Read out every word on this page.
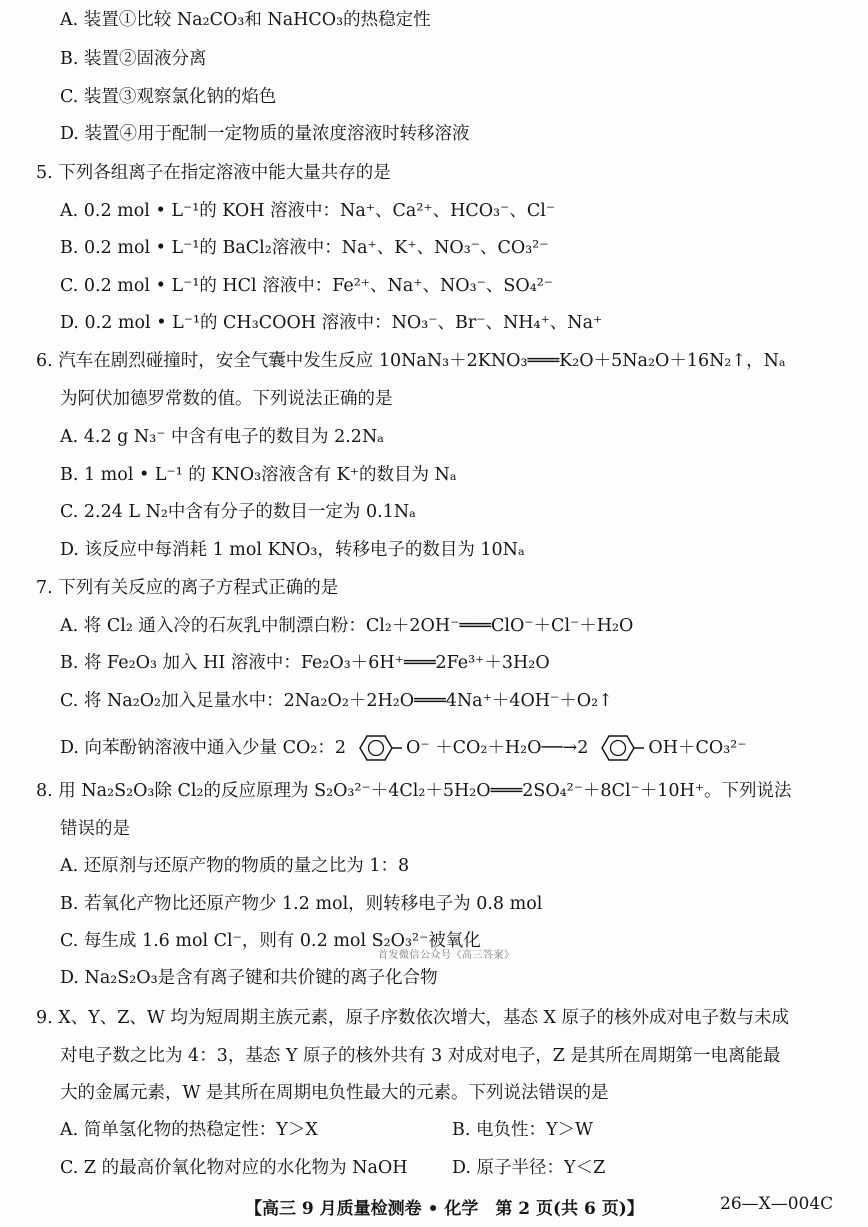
A. 装置①比较 Na₂CO₃和 NaHCO₃的热稳定性
B. 装置②固液分离
C. 装置③观察氯化钠的焰色
D. 装置④用于配制一定物质的量浓度溶液时转移溶液
5. 下列各组离子在指定溶液中能大量共存的是
A. 0.2 mol • L⁻¹的 KOH 溶液中：Na⁺、Ca²⁺、HCO₃⁻、Cl⁻
B. 0.2 mol • L⁻¹的 BaCl₂溶液中：Na⁺、K⁺、NO₃⁻、CO₃²⁻
C. 0.2 mol • L⁻¹的 HCl 溶液中：Fe²⁺、Na⁺、NO₃⁻、SO₄²⁻
D. 0.2 mol • L⁻¹的 CH₃COOH 溶液中：NO₃⁻、Br⁻、NH₄⁺、Na⁺
6. 汽车在剧烈碰撞时，安全气囊中发生反应 10NaN₃＋2KNO₃═══K₂O＋5Na₂O＋16N₂↑，Nₐ
为阿伏加德罗常数的值。下列说法正确的是
A. 4.2 g N₃⁻ 中含有电子的数目为 2.2Nₐ
B. 1 mol • L⁻¹ 的 KNO₃溶液含有 K⁺的数目为 Nₐ
C. 2.24 L N₂中含有分子的数目一定为 0.1Nₐ
D. 该反应中每消耗 1 mol KNO₃，转移电子的数目为 10Nₐ
7. 下列有关反应的离子方程式正确的是
A. 将 Cl₂ 通入冷的石灰乳中制漂白粉：Cl₂＋2OH⁻═══ClO⁻＋Cl⁻＋H₂O
B. 将 Fe₂O₃ 加入 HI 溶液中：Fe₂O₃＋6H⁺═══2Fe³⁺＋3H₂O
C. 将 Na₂O₂加入足量水中：2Na₂O₂＋2H₂O═══4Na⁺＋4OH⁻＋O₂↑
D. 向苯酚钠溶液中通入少量 CO₂：2	O⁻ ＋CO₂＋H₂O──→2	OH＋CO₃²⁻
8. 用 Na₂S₂O₃除 Cl₂的反应原理为 S₂O₃²⁻＋4Cl₂＋5H₂O═══2SO₄²⁻＋8Cl⁻＋10H⁺。下列说法
错误的是
A. 还原剂与还原产物的物质的量之比为 1：8
B. 若氧化产物比还原产物少 1.2 mol，则转移电子为 0.8 mol
C. 每生成 1.6 mol Cl⁻，则有 0.2 mol S₂O₃²⁻被氧化
首发微信公众号《高三答案》
D. Na₂S₂O₃是含有离子键和共价键的离子化合物
9. X、Y、Z、W 均为短周期主族元素，原子序数依次增大，基态 X 原子的核外成对电子数与未成
对电子数之比为 4：3，基态 Y 原子的核外共有 3 对成对电子，Z 是其所在周期第一电离能最
大的金属元素，W 是其所在周期电负性最大的元素。下列说法错误的是
A. 简单氢化物的热稳定性：Y＞X	B. 电负性：Y＞W
C. Z 的最高价氧化物对应的水化物为 NaOH	D. 原子半径：Y＜Z
【高三 9 月质量检测卷 • 化学　第 2 页(共 6 页)】	26—X—004C
